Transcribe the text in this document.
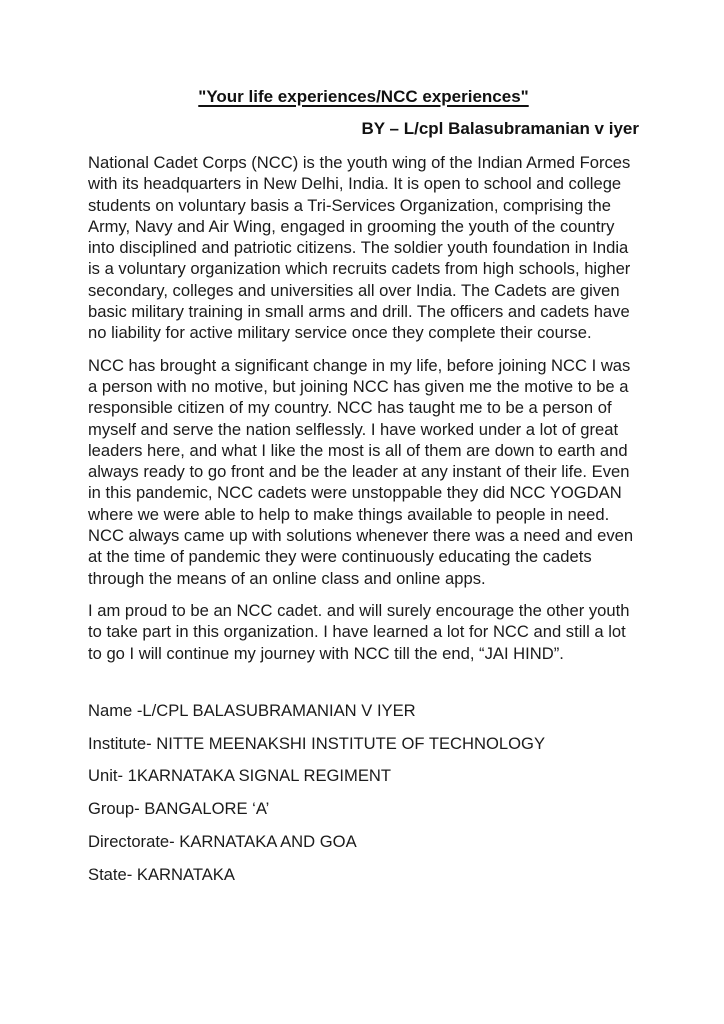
"Your life experiences/NCC experiences"
BY – L/cpl Balasubramanian v iyer

National Cadet Corps (NCC) is the youth wing of the Indian Armed Forces with its headquarters in New Delhi, India. It is open to school and college students on voluntary basis a Tri-Services Organization, comprising the Army, Navy and Air Wing, engaged in grooming the youth of the country into disciplined and patriotic citizens. The soldier youth foundation in India is a voluntary organization which recruits cadets from high schools, higher secondary, colleges and universities all over India. The Cadets are given basic military training in small arms and drill. The officers and cadets have no liability for active military service once they complete their course.

NCC has brought a significant change in my life, before joining NCC I was a person with no motive, but joining NCC has given me the motive to be a responsible citizen of my country. NCC has taught me to be a person of myself and serve the nation selflessly. I have worked under a lot of great leaders here, and what I like the most is all of them are down to earth and always ready to go front and be the leader at any instant of their life. Even in this pandemic, NCC cadets were unstoppable they did NCC YOGDAN where we were able to help to make things available to people in need. NCC always came up with solutions whenever there was a need and even at the time of pandemic they were continuously educating the cadets through the means of an online class and online apps.

I am proud to be an NCC cadet. and will surely encourage the other youth to take part in this organization. I have learned a lot for NCC and still a lot to go I will continue my journey with NCC till the end, “JAI HIND”.

Name -L/CPL BALASUBRAMANIAN V IYER

Institute- NITTE MEENAKSHI INSTITUTE OF TECHNOLOGY

Unit- 1KARNATAKA SIGNAL REGIMENT

Group- BANGALORE ‘A’

Directorate- KARNATAKA AND GOA

State- KARNATAKA
